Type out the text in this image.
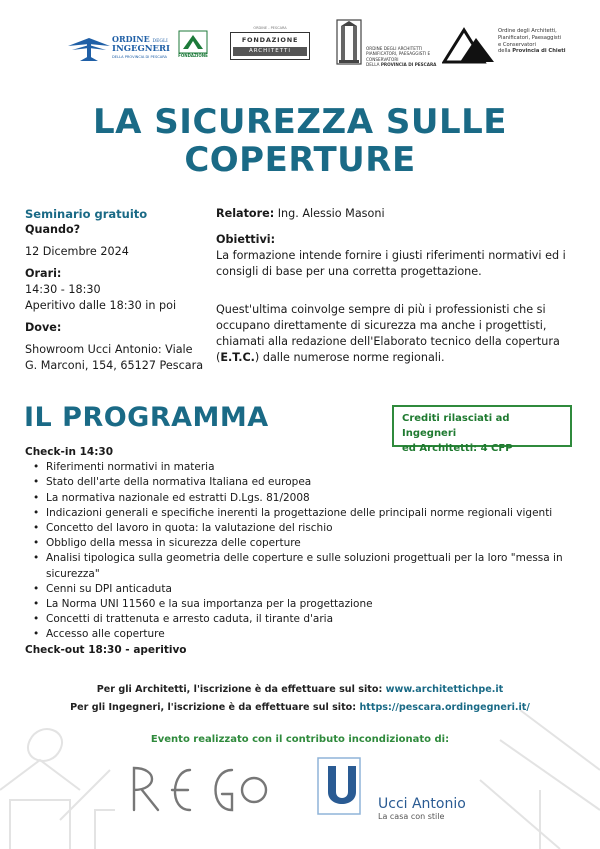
ORDINE DEGLI
INGEGNERI
DELLA PROVINCIA DI PESCARA	FONDAZIONE
ORDINE - PESCARA
FONDAZIONE
ARCHITETTI	ORDINE DEGLI ARCHITETTI
PIANIFICATORI, PAESAGGISTI E
CONSERVATORI
DELLA PROVINCIA DI PESCARA
Ordine degli Architetti,
Pianificatori, Paesaggisti
e Conservatori
della Provincia di Chieti
LA SICUREZZA SULLE
COPERTURE
Seminario gratuito
Quando?
12 Dicembre 2024
Orari:
14:30 - 18:30
Aperitivo dalle 18:30 in poi
Dove:
Showroom Ucci Antonio: Viale
G. Marconi, 154, 65127 Pescara

Relatore: Ing. Alessio Masoni

Obiettivi:

La formazione intende fornire i giusti riferimenti normativi ed i consigli di base per una corretta progettazione.

Quest'ultima coinvolge sempre di più i professionisti che si occupano direttamente di sicurezza ma anche i progettisti, chiamati alla redazione dell'Elaborato tecnico della copertura (E.T.C.) dalle numerose norme regionali.

IL PROGRAMMA	Crediti rilasciati ad Ingegneri
ed Architetti: 4 CFP
Check-in 14:30
• Riferimenti normativi in materia
• Stato dell'arte della normativa Italiana ed europea
• La normativa nazionale ed estratti D.Lgs. 81/2008
• Indicazioni generali e specifiche inerenti la progettazione delle principali norme regionali vigenti
• Concetto del lavoro in quota: la valutazione del rischio
• Obbligo della messa in sicurezza delle coperture
• Analisi tipologica sulla geometria delle coperture e sulle soluzioni progettuali per la loro "messa in sicurezza"
• Cenni su DPI anticaduta
• La Norma UNI 11560 e la sua importanza per la progettazione
• Concetti di trattenuta e arresto caduta, il tirante d'aria
• Accesso alle coperture
Check-out 18:30 - aperitivo
Per gli Architetti, l'iscrizione è da effettuare sul sito: www.architettichpe.it
Per gli Ingegneri, l'iscrizione è da effettuare sul sito: https://pescara.ordingegneri.it/
Evento realizzato con il contributo incondizionato di:
Ucci Antonio
La casa con stile
